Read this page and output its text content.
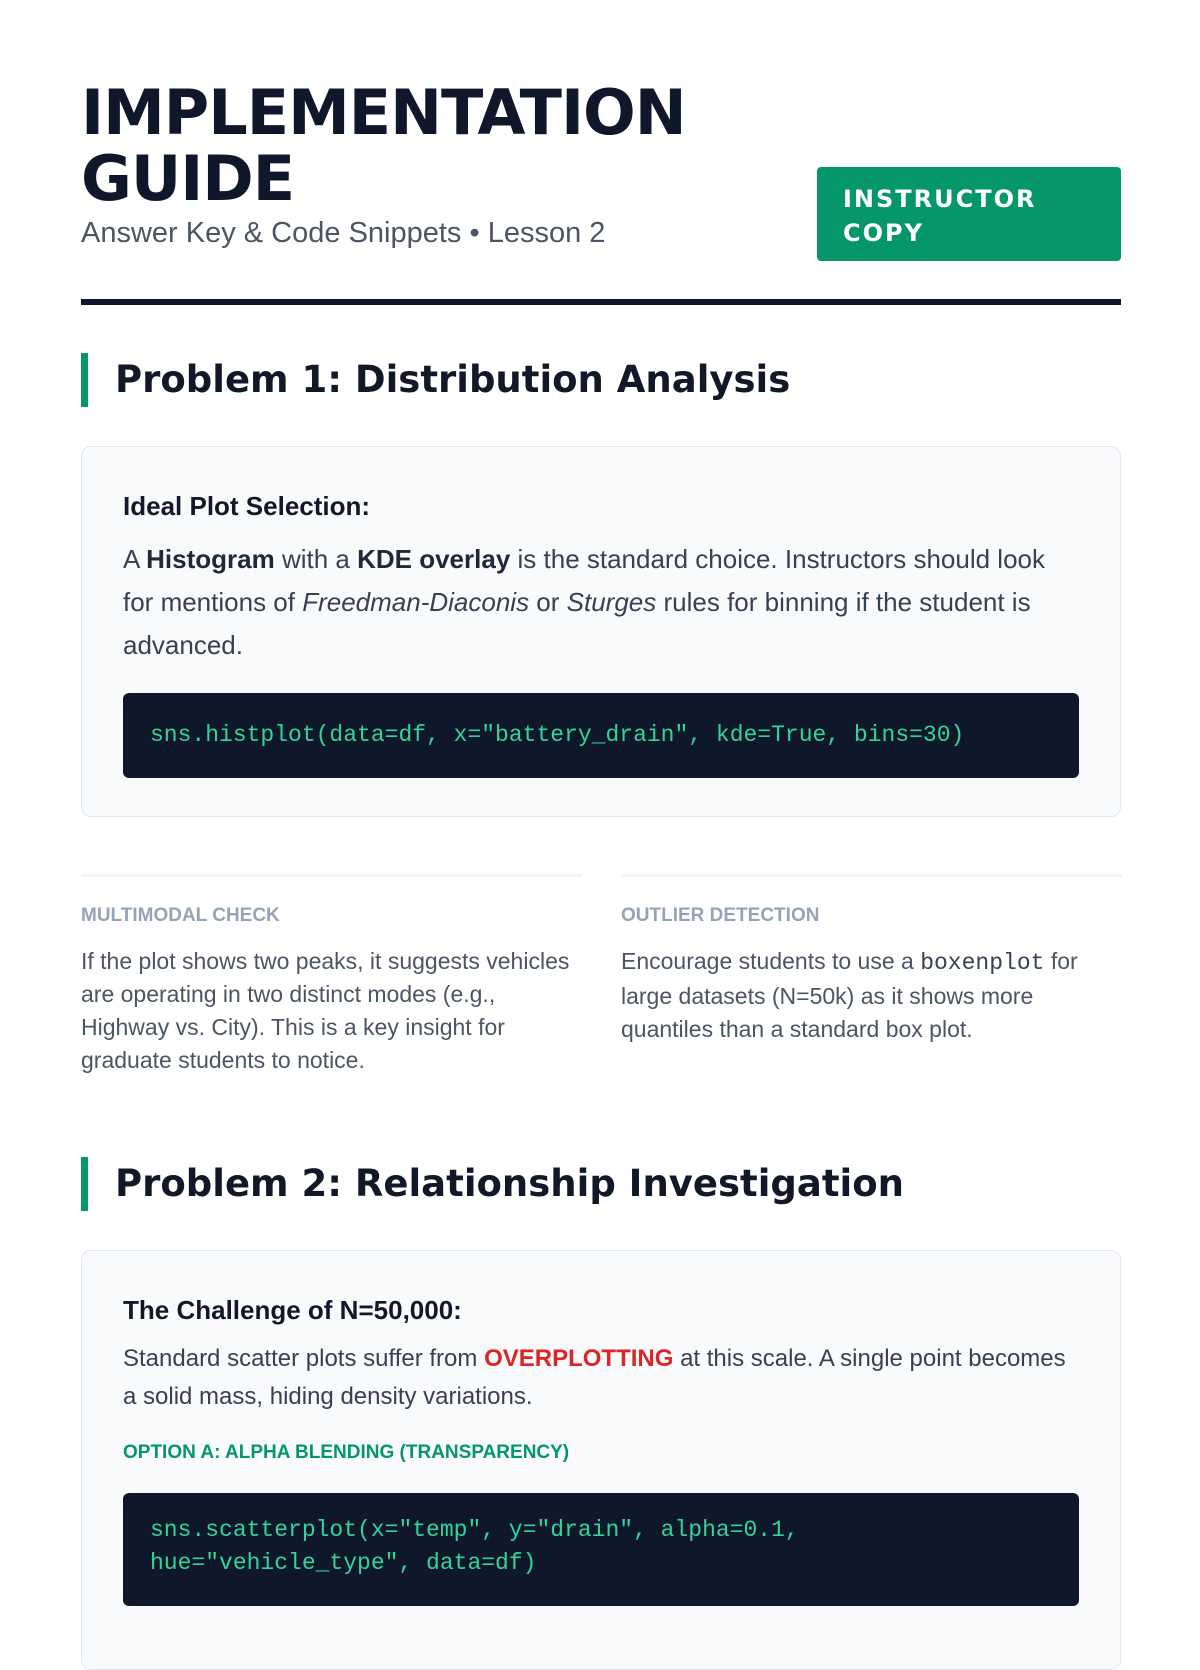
IMPLEMENTATION GUIDE
Answer Key & Code Snippets • Lesson 2
INSTRUCTOR COPY
Problem 1: Distribution Analysis

Ideal Plot Selection:

A Histogram with a KDE overlay is the standard choice. Instructors should look for mentions of Freedman-Diaconis or Sturges rules for binning if the student is advanced.

sns.histplot(data=df, x="battery_drain", kde=True, bins=30)

MULTIMODAL CHECK

If the plot shows two peaks, it suggests vehicles are operating in two distinct modes (e.g., Highway vs. City). This is a key insight for graduate students to notice.

OUTLIER DETECTION

Encourage students to use a boxenplot for large datasets (N=50k) as it shows more quantiles than a standard box plot.

Problem 2: Relationship Investigation

The Challenge of N=50,000:

Standard scatter plots suffer from OVERPLOTTING at this scale. A single point becomes a solid mass, hiding density variations.

OPTION A: ALPHA BLENDING (TRANSPARENCY)

sns.scatterplot(x="temp", y="drain", alpha=0.1,
hue="vehicle_type", data=df)
